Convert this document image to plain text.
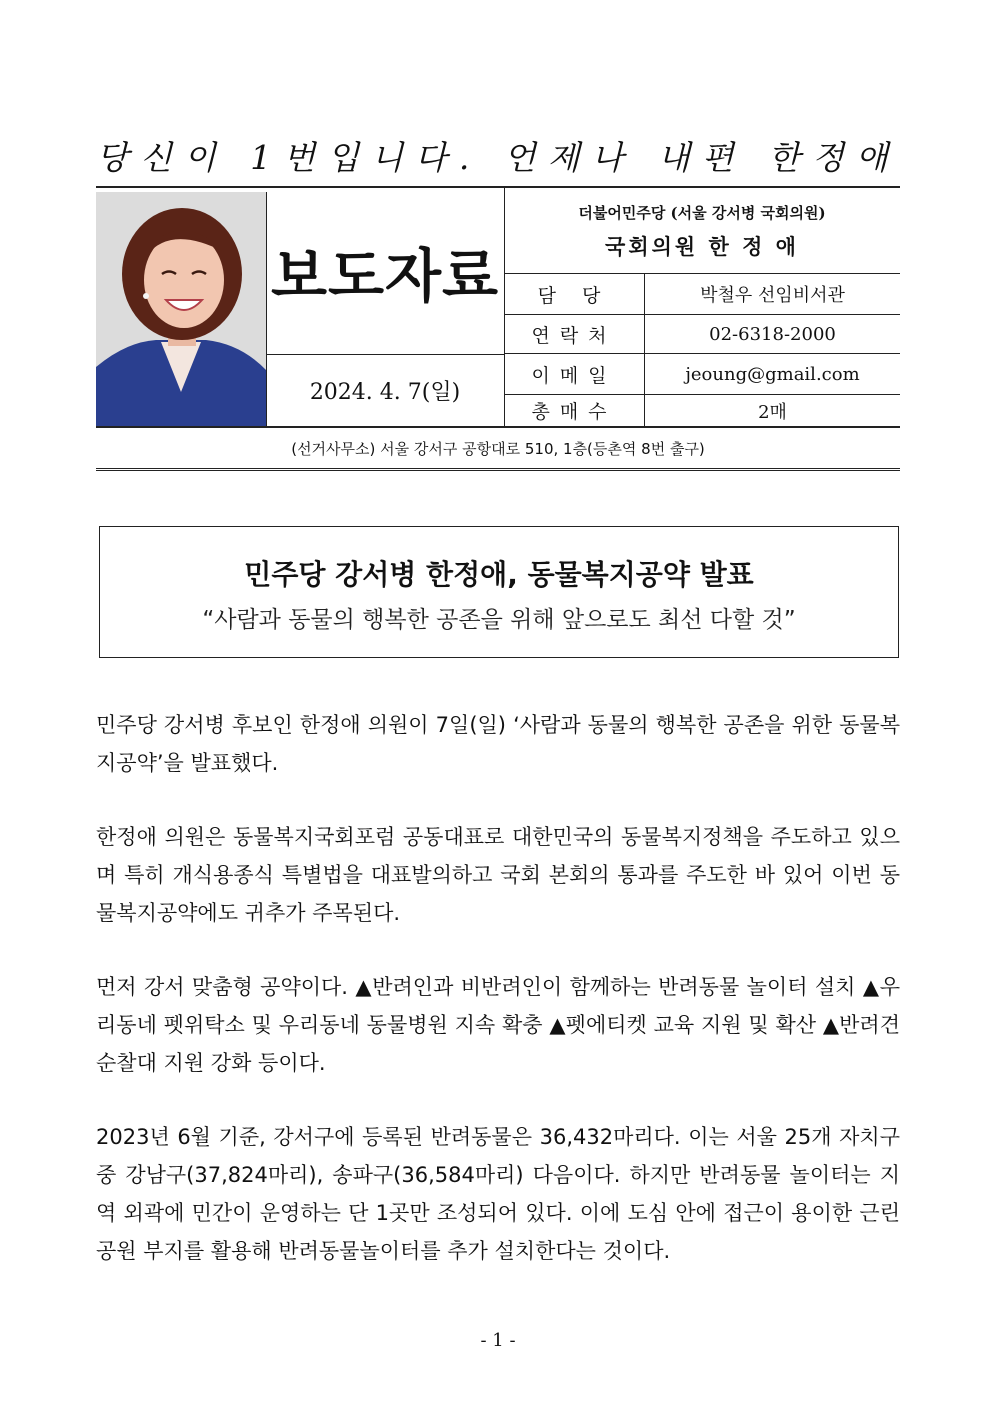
당신이 1번입니다. 언제나 내편 한정애
보도자료
2024. 4. 7(일)
더불어민주당 (서울 강서병 국회의원)
국회의원 한 정 애
담 당	박철우 선임비서관
연락처	02-6318-2000
이메일	jeoung@gmail.com
총매수	2매
(선거사무소) 서울 강서구 공항대로 510, 1층(등촌역 8번 출구)
민주당 강서병 한정애, 동물복지공약 발표
“사람과 동물의 행복한 공존을 위해 앞으로도 최선 다할 것”
민주당 강서병 후보인 한정애 의원이 7일(일) ‘사람과 동물의 행복한 공존을 위한 동물복지공약’을 발표했다.
한정애 의원은 동물복지국회포럼 공동대표로 대한민국의 동물복지정책을 주도하고 있으며 특히 개식용종식 특별법을 대표발의하고 국회 본회의 통과를 주도한 바 있어 이번 동물복지공약에도 귀추가 주목된다.
먼저 강서 맞춤형 공약이다. ▲반려인과 비반려인이 함께하는 반려동물 놀이터 설치 ▲우리동네 펫위탁소 및 우리동네 동물병원 지속 확충 ▲펫에티켓 교육 지원 및 확산 ▲반려견 순찰대 지원 강화 등이다.
2023년 6월 기준, 강서구에 등록된 반려동물은 36,432마리다. 이는 서울 25개 자치구 중 강남구(37,824마리), 송파구(36,584마리) 다음이다. 하지만 반려동물 놀이터는 지역 외곽에 민간이 운영하는 단 1곳만 조성되어 있다. 이에 도심 안에 접근이 용이한 근린공원 부지를 활용해 반려동물놀이터를 추가 설치한다는 것이다.
- 1 -
